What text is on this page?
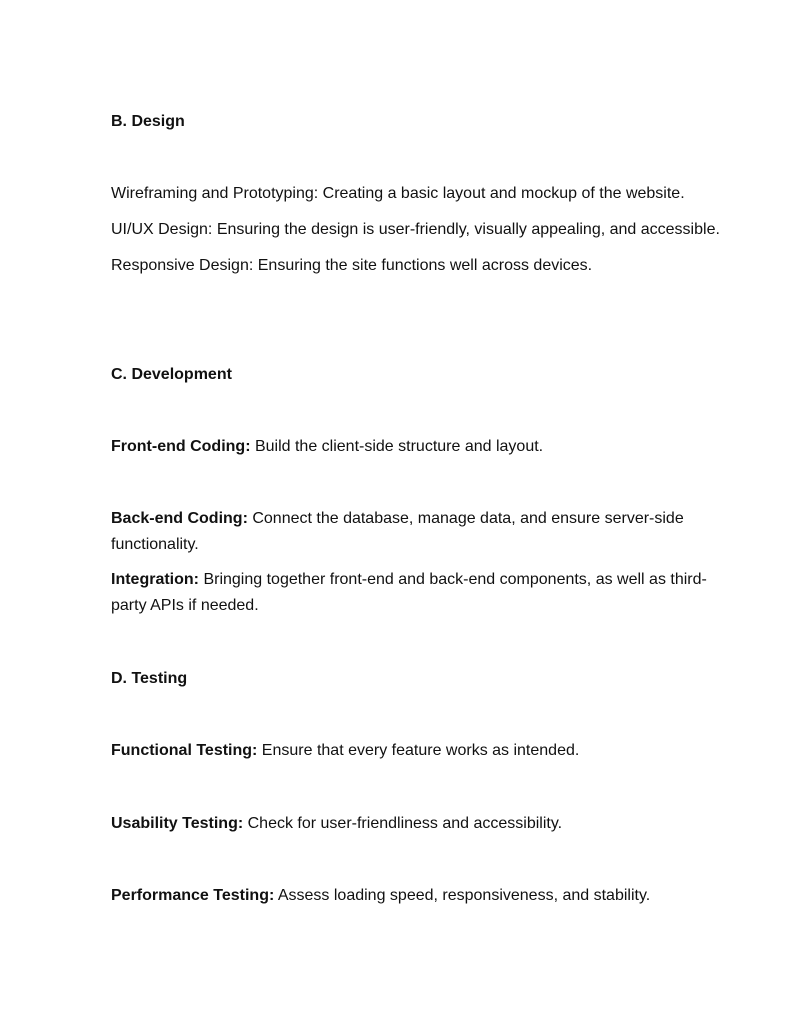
B. Design
Wireframing and Prototyping: Creating a basic layout and mockup of the website.
UI/UX Design: Ensuring the design is user-friendly, visually appealing, and accessible.
Responsive Design: Ensuring the site functions well across devices.
C. Development
Front-end Coding: Build the client-side structure and layout.
Back-end Coding: Connect the database, manage data, and ensure server-side functionality.
Integration: Bringing together front-end and back-end components, as well as third-party APIs if needed.
D. Testing
Functional Testing: Ensure that every feature works as intended.
Usability Testing: Check for user-friendliness and accessibility.
Performance Testing: Assess loading speed, responsiveness, and stability.
